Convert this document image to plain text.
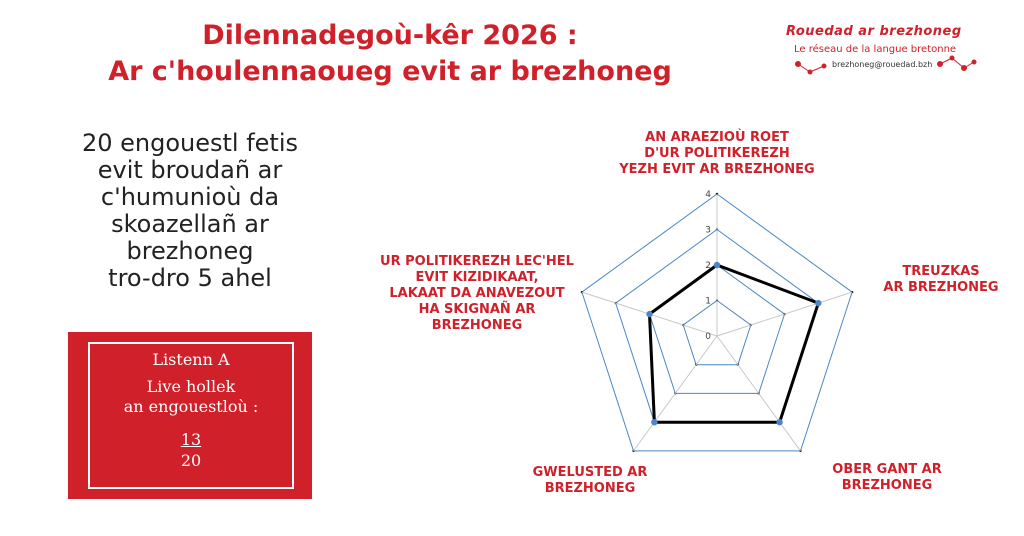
Dilennadegoù-kêr 2026 :
Ar c'houlennaoueg evit ar brezhoneg
Rouedad ar brezhoneg
Le réseau de la langue bretonne
brezhoneg@rouedad.bzh
20 engouestl fetis
evit broudañ ar
c'humunioù da
skoazellañ ar
brezhoneg
tro-dro 5 ahel
Listenn A
Live hollek
an engouestloù :
13
20
0
1
2
3
4
AN ARAEZIOÙ ROET D'UR POLITIKEREZH YEZH EVIT AR BREZHONEG
TREUZKAS AR BREZHONEG
OBER GANT AR BREZHONEG
GWELUSTED AR BREZHONEG
UR POLITIKEREZH LEC'HEL EVIT KIZIDIKAAT, LAKAAT DA ANAVEZOUT HA SKIGNAÑ AR BREZHONEG
